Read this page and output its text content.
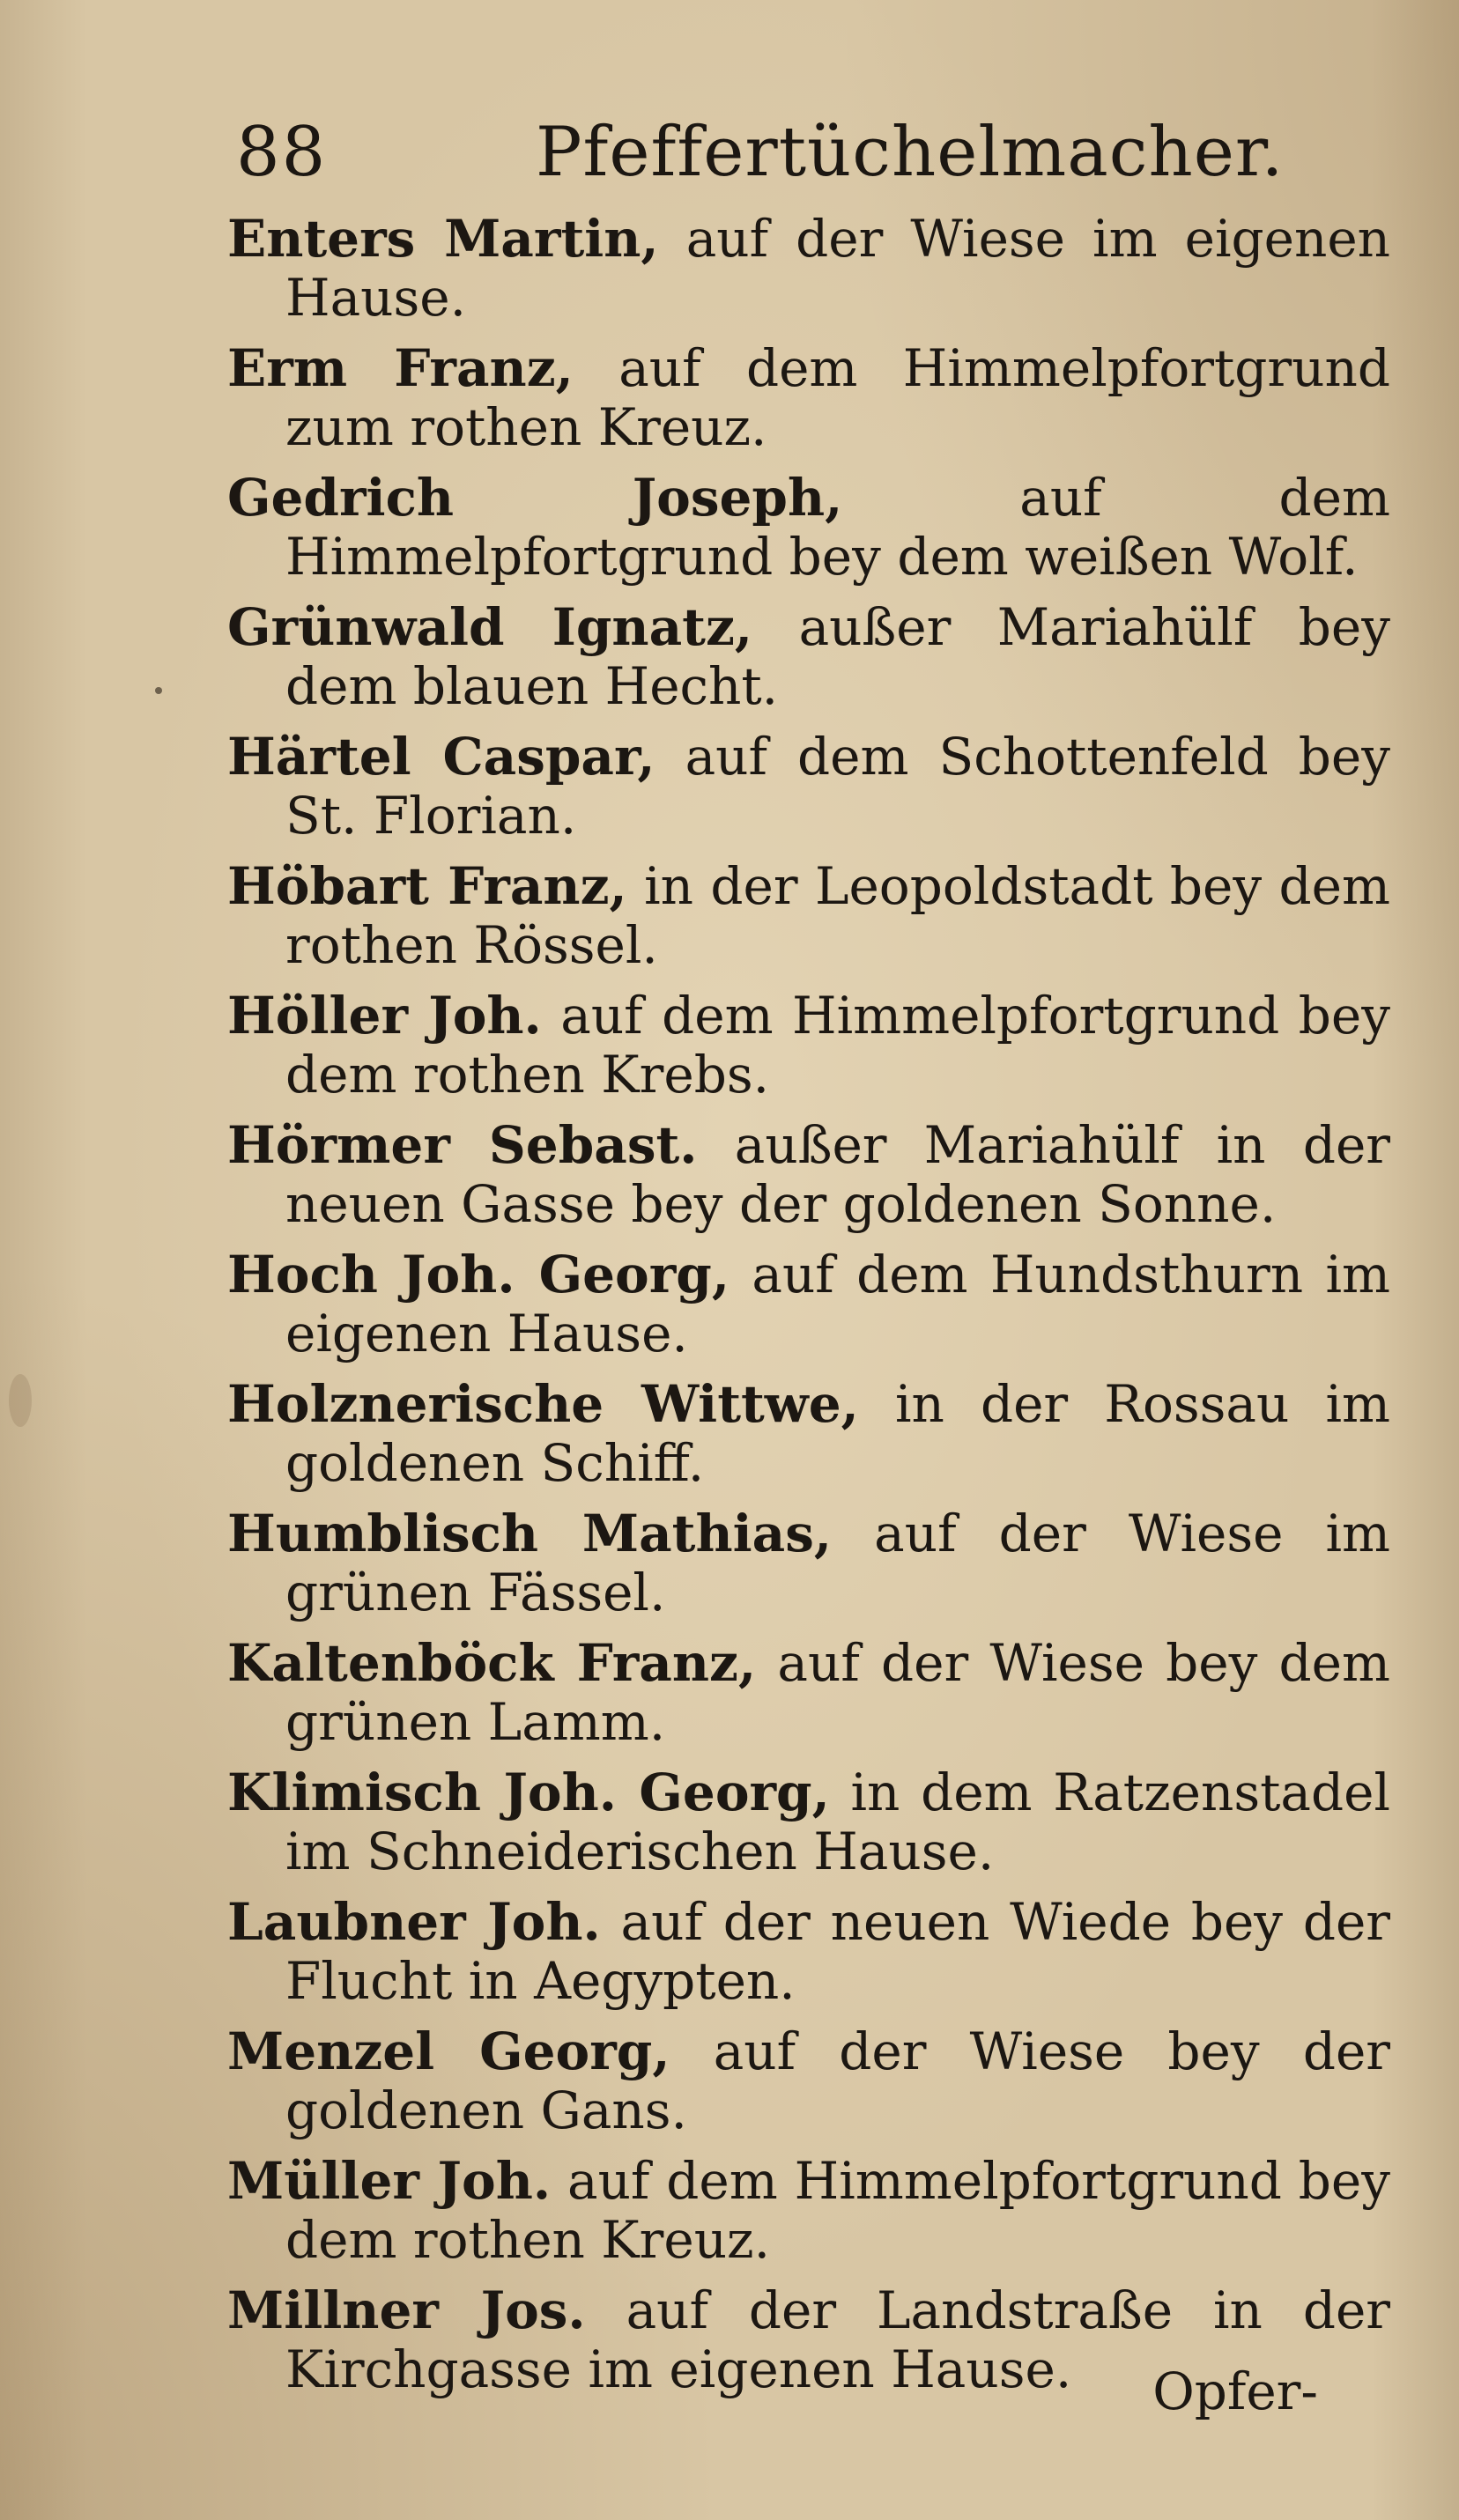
88	Pfeffertüchelmacher.
Enters Martin, auf der Wiese im eigenen Hause.
Erm Franz, auf dem Himmelpfortgrund zum rothen Kreuz.
Gedrich Joseph,	auf dem Himmelpfortgrund bey dem weißen Wolf.
Grünwald Ignatz, außer Mariahülf bey dem blauen Hecht.
Härtel Caspar, auf dem Schottenfeld bey St. Florian.
Höbart Franz, in der Leopoldstadt bey dem rothen Rössel.
Höller Joh. auf dem Himmelpfortgrund bey dem rothen Krebs.
Hörmer Sebast. außer Mariahülf in der neuen Gasse bey der goldenen Sonne.
Hoch Joh. Georg, auf dem Hundsthurn im eigenen Hause.
Holznerische Wittwe, in der Rossau im goldenen Schiff.
Humblisch Mathias, auf der Wiese im grünen Fässel.
Kaltenböck Franz, auf der Wiese bey dem grünen Lamm.
Klimisch Joh. Georg, in dem Ratzenstadel im Schneiderischen Hause.
Laubner Joh. auf der neuen Wiede bey der Flucht in Aegypten.
Menzel Georg, auf der Wiese bey der goldenen Gans.
Müller Joh. auf dem Himmelpfortgrund bey dem rothen Kreuz.
Millner Jos. auf der Landstraße in der Kirchgasse im eigenen Hause.	Opfer-
